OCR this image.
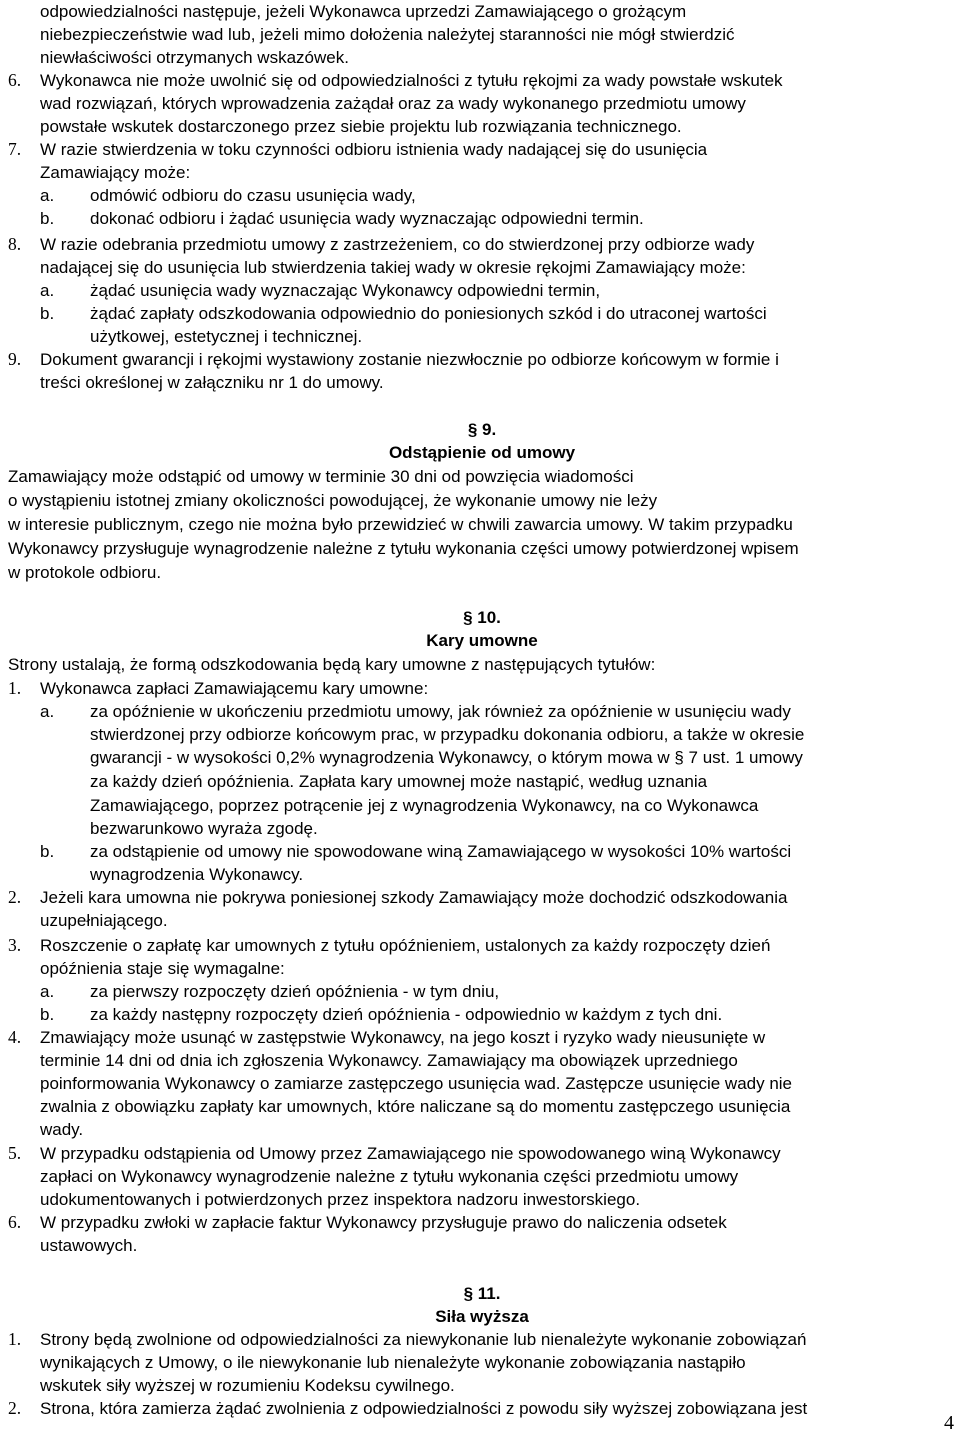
odpowiedzialności następuje, jeżeli Wykonawca uprzedzi Zamawiającego o grożącym
niebezpieczeństwie wad lub, jeżeli mimo dołożenia należytej staranności nie mógł stwierdzić
niewłaściwości otrzymanych wskazówek.
Wykonawca nie może uwolnić się od odpowiedzialności z tytułu rękojmi za wady powstałe wskutek
wad rozwiązań, których wprowadzenia zażądał oraz za wady wykonanego przedmiotu umowy
powstałe wskutek dostarczonego przez siebie projektu lub rozwiązania technicznego.
W razie stwierdzenia w toku czynności odbioru istnienia wady nadającej się do usunięcia
Zamawiający może:
odmówić odbioru do czasu usunięcia wady,
dokonać odbioru i żądać usunięcia wady wyznaczając odpowiedni termin.
W razie odebrania przedmiotu umowy z zastrzeżeniem, co do stwierdzonej przy odbiorze wady
nadającej się do usunięcia lub stwierdzenia takiej wady w okresie rękojmi Zamawiający może:
żądać usunięcia wady wyznaczając Wykonawcy odpowiedni termin,
żądać zapłaty odszkodowania odpowiednio do poniesionych szkód i do utraconej wartości
użytkowej, estetycznej i technicznej.
Dokument gwarancji i rękojmi wystawiony zostanie niezwłocznie po odbiorze końcowym w formie i
treści określonej w załączniku nr 1 do umowy.
Zamawiający może odstąpić od umowy w terminie 30 dni od powzięcia wiadomości
o wystąpieniu istotnej zmiany okoliczności powodującej, że wykonanie umowy nie leży
w interesie publicznym, czego nie można było przewidzieć w chwili zawarcia umowy. W takim przypadku
Wykonawcy przysługuje wynagrodzenie należne z tytułu wykonania części umowy potwierdzonej wpisem
w protokole odbioru.
Strony ustalają, że formą odszkodowania będą kary umowne z następujących tytułów:
Wykonawca zapłaci Zamawiającemu kary umowne:
za opóźnienie w ukończeniu przedmiotu umowy, jak również za opóźnienie w usunięciu wady
stwierdzonej przy odbiorze końcowym prac, w przypadku dokonania odbioru, a także w okresie
gwarancji - w wysokości 0,2% wynagrodzenia Wykonawcy, o którym mowa w § 7 ust. 1 umowy
za każdy dzień opóźnienia. Zapłata kary umownej może nastąpić, według uznania
Zamawiającego, poprzez potrącenie jej z wynagrodzenia Wykonawcy, na co Wykonawca
bezwarunkowo wyraża zgodę.
za odstąpienie od umowy nie spowodowane winą Zamawiającego w wysokości 10% wartości
wynagrodzenia Wykonawcy.
Jeżeli kara umowna nie pokrywa poniesionej szkody Zamawiający może dochodzić odszkodowania
uzupełniającego.
Roszczenie o zapłatę kar umownych z tytułu opóźnieniem, ustalonych za każdy rozpoczęty dzień
opóźnienia staje się wymagalne:
za pierwszy rozpoczęty dzień opóźnienia - w tym dniu,
za każdy następny rozpoczęty dzień opóźnienia - odpowiednio w każdym z tych dni.
Zmawiający może usunąć w zastępstwie Wykonawcy, na jego koszt i ryzyko wady nieusunięte w
terminie 14 dni od dnia ich zgłoszenia Wykonawcy. Zamawiający ma obowiązek uprzedniego
poinformowania Wykonawcy o zamiarze zastępczego usunięcia wad. Zastępcze usunięcie wady nie
zwalnia z obowiązku zapłaty kar umownych, które naliczane są do momentu zastępczego usunięcia
wady.
W przypadku odstąpienia od Umowy przez Zamawiającego nie spowodowanego winą Wykonawcy
zapłaci on Wykonawcy wynagrodzenie należne z tytułu wykonania części przedmiotu umowy
udokumentowanych i potwierdzonych przez inspektora nadzoru inwestorskiego.
W przypadku zwłoki w zapłacie faktur Wykonawcy przysługuje prawo do naliczenia odsetek
ustawowych.
Strony będą zwolnione od odpowiedzialności za niewykonanie lub nienależyte wykonanie zobowiązań
wynikających z Umowy, o ile niewykonanie lub nienależyte wykonanie zobowiązania nastąpiło
wskutek siły wyższej w rozumieniu Kodeksu cywilnego.
Strona, która zamierza żądać zwolnienia z odpowiedzialności z powodu siły wyższej zobowiązana jest
6.
7.
8.
9.
1.
2.
3.
4.
5.
6.
1.
2.
a.
b.
a.
b.
a.
b.
a.
b.
§ 9.
Odstąpienie od umowy
§ 10.
Kary umowne
§ 11.
Siła wyższa
4
